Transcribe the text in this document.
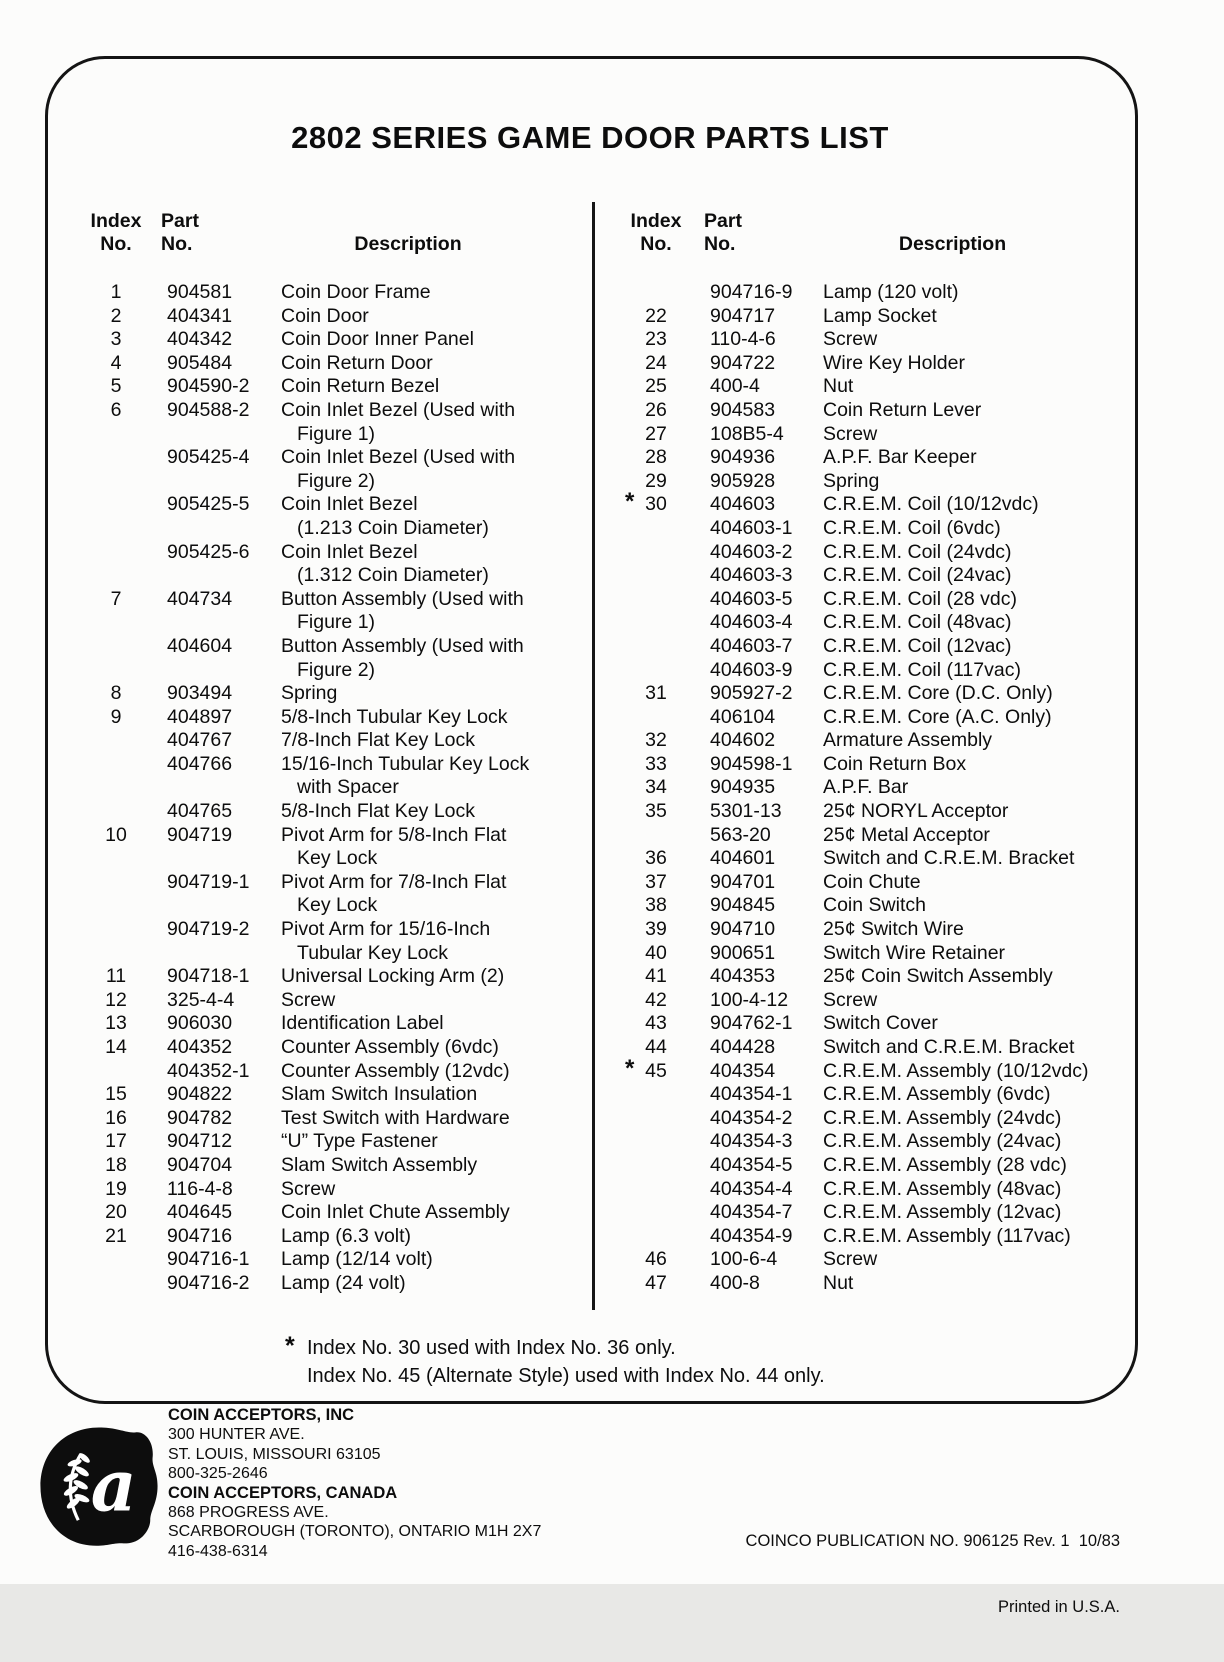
2802 SERIES GAME DOOR PARTS LIST
Index	Part
No.	No.	Description
Index	Part
No.	No.	Description
1	904581	Coin Door Frame
2	404341	Coin Door
3	404342	Coin Door Inner Panel
4	905484	Coin Return Door
5	904590-2	Coin Return Bezel
6	904588-2	Coin Inlet Bezel (Used with
Figure 1)
905425-4	Coin Inlet Bezel (Used with
Figure 2)
905425-5	Coin Inlet Bezel
(1.213 Coin Diameter)
905425-6	Coin Inlet Bezel
(1.312 Coin Diameter)
7	404734	Button Assembly (Used with
Figure 1)
404604	Button Assembly (Used with
Figure 2)
8	903494	Spring
9	404897	5/8-Inch Tubular Key Lock
404767	7/8-Inch Flat Key Lock
404766	15/16-Inch Tubular Key Lock
with Spacer
404765	5/8-Inch Flat Key Lock
10	904719	Pivot Arm for 5/8-Inch Flat
Key Lock
904719-1	Pivot Arm for 7/8-Inch Flat
Key Lock
904719-2	Pivot Arm for 15/16-Inch
Tubular Key Lock
11	904718-1	Universal Locking Arm (2)
12	325-4-4	Screw
13	906030	Identification Label
14	404352	Counter Assembly (6vdc)
404352-1	Counter Assembly (12vdc)
15	904822	Slam Switch Insulation
16	904782	Test Switch with Hardware
17	904712	“U” Type Fastener
18	904704	Slam Switch Assembly
19	116-4-8	Screw
20	404645	Coin Inlet Chute Assembly
21	904716	Lamp (6.3 volt)
904716-1	Lamp (12/14 volt)
904716-2	Lamp (24 volt)
904716-9	Lamp (120 volt)
22	904717	Lamp Socket
23	110-4-6	Screw
24	904722	Wire Key Holder
25	400-4	Nut
26	904583	Coin Return Lever
27	108B5-4	Screw
28	904936	A.P.F. Bar Keeper
29	905928	Spring
* 30	404603	C.R.E.M. Coil (10/12vdc)
404603-1	C.R.E.M. Coil (6vdc)
404603-2	C.R.E.M. Coil (24vdc)
404603-3	C.R.E.M. Coil (24vac)
404603-5	C.R.E.M. Coil (28 vdc)
404603-4	C.R.E.M. Coil (48vac)
404603-7	C.R.E.M. Coil (12vac)
404603-9	C.R.E.M. Coil (117vac)
31	905927-2	C.R.E.M. Core (D.C. Only)
406104	C.R.E.M. Core (A.C. Only)
32	404602	Armature Assembly
33	904598-1	Coin Return Box
34	904935	A.P.F. Bar
35	5301-13	25¢ NORYL Acceptor
563-20	25¢ Metal Acceptor
36	404601	Switch and C.R.E.M. Bracket
37	904701	Coin Chute
38	904845	Coin Switch
39	904710	25¢ Switch Wire
40	900651	Switch Wire Retainer
41	404353	25¢ Coin Switch Assembly
42	100-4-12	Screw
43	904762-1	Switch Cover
44	404428	Switch and C.R.E.M. Bracket
* 45	404354	C.R.E.M. Assembly (10/12vdc)
404354-1	C.R.E.M. Assembly (6vdc)
404354-2	C.R.E.M. Assembly (24vdc)
404354-3	C.R.E.M. Assembly (24vac)
404354-5	C.R.E.M. Assembly (28 vdc)
404354-4	C.R.E.M. Assembly (48vac)
404354-7	C.R.E.M. Assembly (12vac)
404354-9	C.R.E.M. Assembly (117vac)
46	100-6-4	Screw
47	400-8	Nut
* Index No. 30 used with Index No. 36 only.
Index No. 45 (Alternate Style) used with Index No. 44 only.
a
COIN ACCEPTORS, INC
300 HUNTER AVE.
ST. LOUIS, MISSOURI 63105
800-325-2646
COIN ACCEPTORS, CANADA
868 PROGRESS AVE.
SCARBOROUGH (TORONTO), ONTARIO M1H 2X7
416-438-6314

COINCO PUBLICATION NO. 906125 Rev. 1  10/83

Printed in U.S.A.
